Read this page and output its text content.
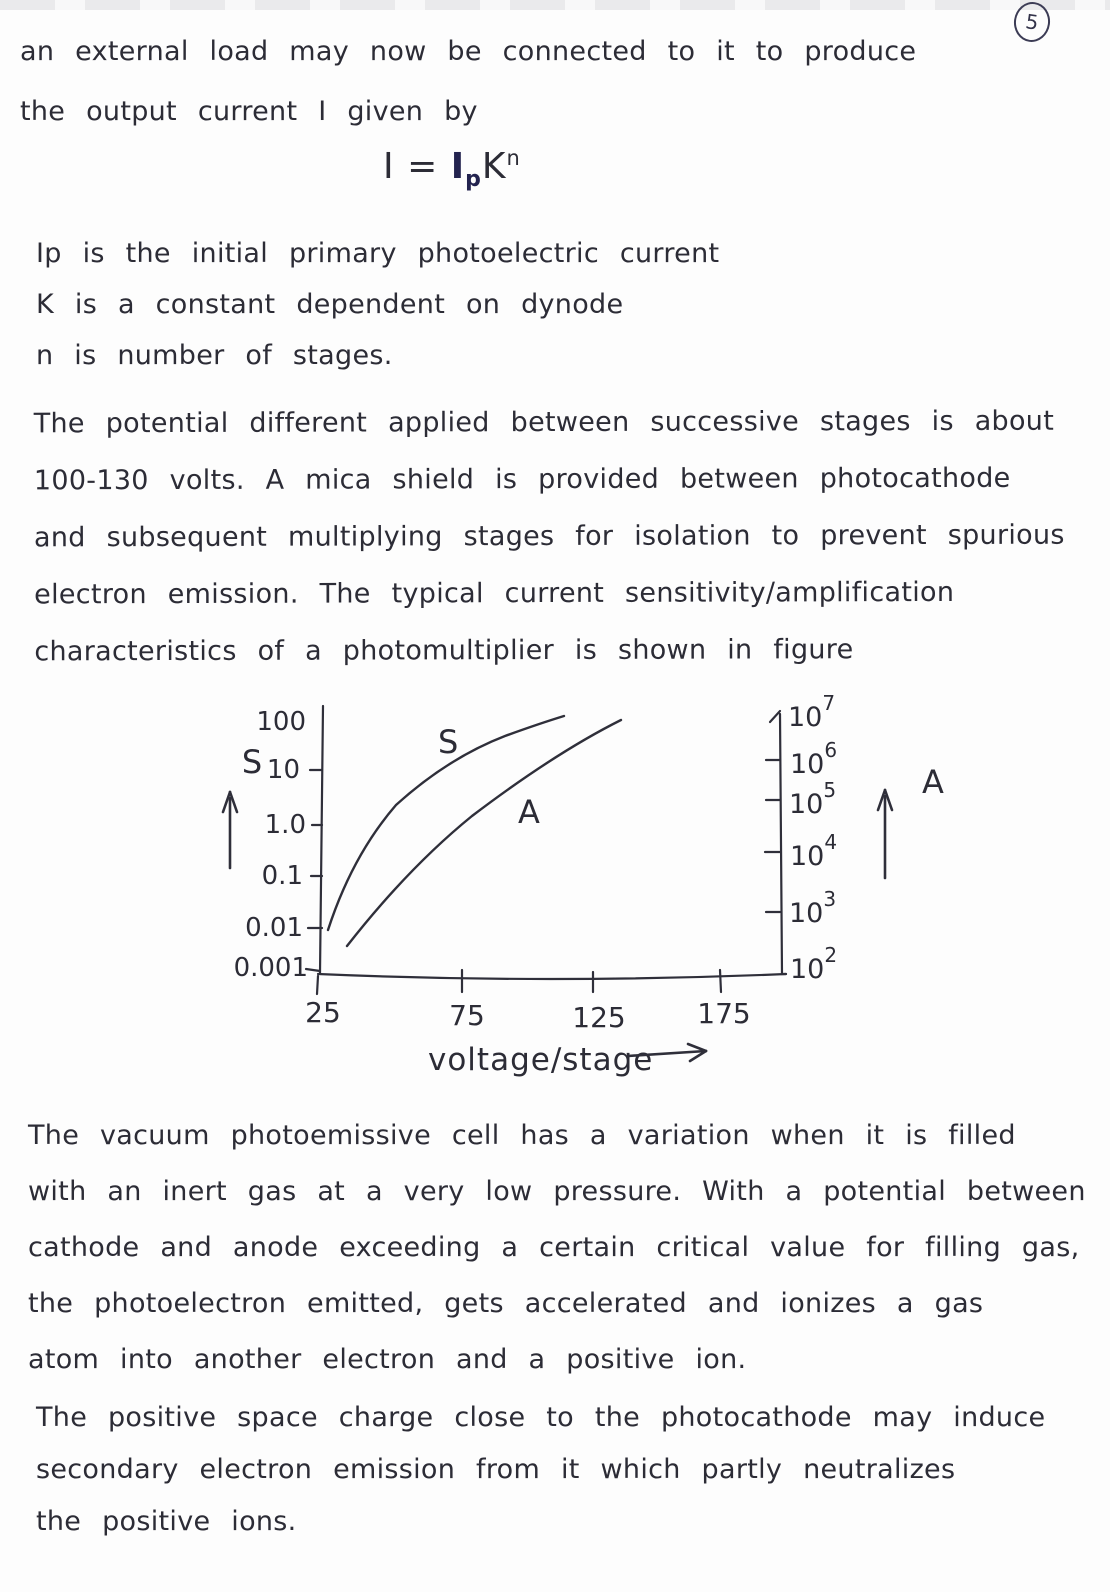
5
an external load may now be connected to it to produce
the output current I given by
$I = I_pK^n$
Ip is the initial primary photoelectric current
K is a constant dependent on dynode
n is number of stages.
The potential different applied between successive stages is about
100-130 volts. A mica shield is provided between photocathode
and subsequent multiplying stages for isolation to prevent spurious
electron emission. The typical current sensitivity/amplification
characteristics of a photomultiplier is shown in figure
100
10
1.0
0.1
0.01
0.001
S
25	75	125	175
$10^7$
$10^6$
$10^5$
$10^4$
$10^3$
$10^2$
A
S
A
voltage/stage
The vacuum photoemissive cell has a variation when it is filled
with an inert gas at a very low pressure. With a potential between
cathode and anode exceeding a certain critical value for filling gas,
the photoelectron emitted, gets accelerated and ionizes a gas
atom into another electron and a positive ion.
The positive space charge close to the photocathode may induce
secondary electron emission from it which partly neutralizes
the positive ions.
